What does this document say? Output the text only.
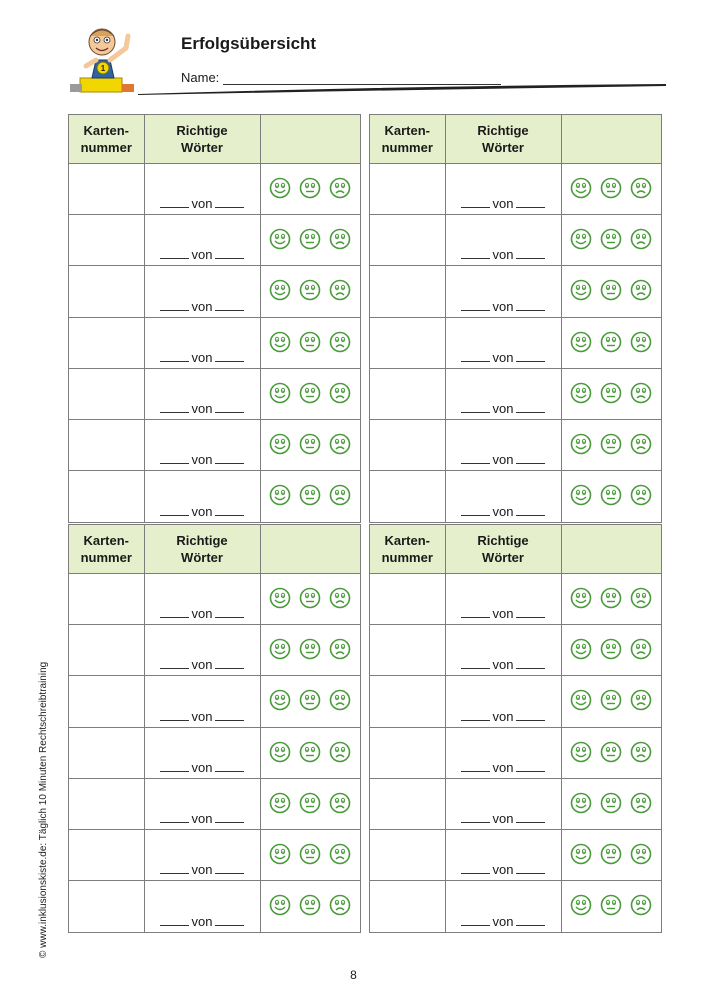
1
Erfolgsübersicht
Name:
Karten-
nummer	Richtige
Wörter	
	von	
	von	
	von	
	von	
	von	
	von	
	von	
Karten-
nummer	Richtige
Wörter	
	von	
	von	
	von	
	von	
	von	
	von	
	von	
Karten-
nummer	Richtige
Wörter	
	von	
	von	
	von	
	von	
	von	
	von	
	von	
Karten-
nummer	Richtige
Wörter	
	von	
	von	
	von	
	von	
	von	
	von	
	von	
© www.inklusionskiste.de: Täglich 10 Minuten Rechtschreibtraining
8
